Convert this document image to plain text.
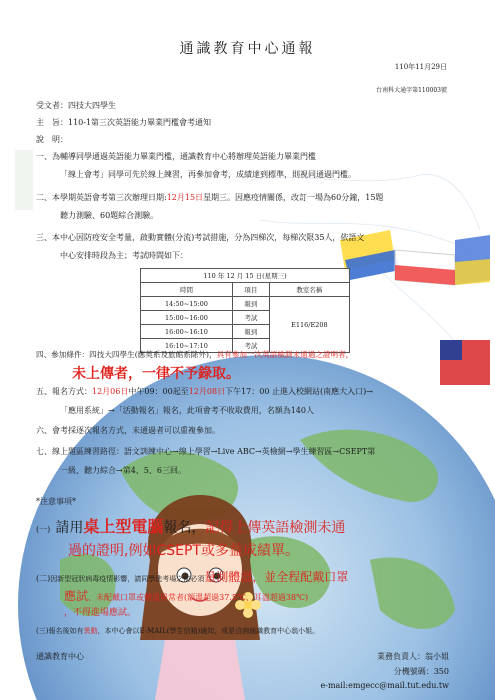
通識教育中心通報
110年11月29日
台南科大通字第110003號
受文者：四技大四學生
主　旨：110-1第三次英語能力畢業門檻會考通知
說　明：
一、為輔導同學通過英語能力畢業門檻，通識教育中心將辦理英語能力畢業門檻
「線上會考」同學可先於線上練習，再參加會考，成績達到標準，則視同通過門檻。
二、本學期英語會考第三次辦理日期:12月15日星期三。因應疫情關係，改訂一場為60分鐘，15題
聽力測驗、60題綜合測驗。
三、本中心因防疫安全考量，啟動實體(分流)考試措施，分為四梯次，每梯次限35人，依語文
中心安排時段為主；考試時間如下：
110 年 12 月 15 日(星期三)		
時間	項目	教室名稱
14:50~15:00	報到	E116/E208
15:00~16:00	考試	
16:00~16:10	報到	
16:10~17:10	考試	
四、參加條件：四技大四學生(應英系及旅館系除外)，具有參加一次英語檢測未通過之證明者，
未上傳者，一律不予錄取。
五、報名方式：12月06日中午09：00起至12月08日下午17：00 止進入校網站(南應大入口)→
「應用系統」→「活動報名」報名，此項會考不收取費用，名額為140人
六、會考採逐次報名方式，未通過者可以重複參加。
七、線上題區練習路徑：語文訓練中心→線上學習→Live ABC→英檢網→學生練習區→CSEPT第
一級、聽力綜合→第4、5、6三回。
*注意事項*
(一) 請用桌上型電腦報名，記得上傳英語檢測未通
過的證明,例如CSEPT或多益成績單。
(二)因新型冠狀病毒疫情影響，請同學進考場之前必須量測體溫，並全程配戴口罩
應試、未配戴口罩或體溫異常者(額溫超過37.5℃、耳溫超過38℃)
，不得進場應試。
(三)報名後如有異動，本中心會以E-MAIL(學生信箱)通知，或是洽詢通識教育中心翁小姐。
通識教育中心	業務負責人：翁小姐
分機號碼：350
e-mail:emgecc@mail.tut.edu.tw
